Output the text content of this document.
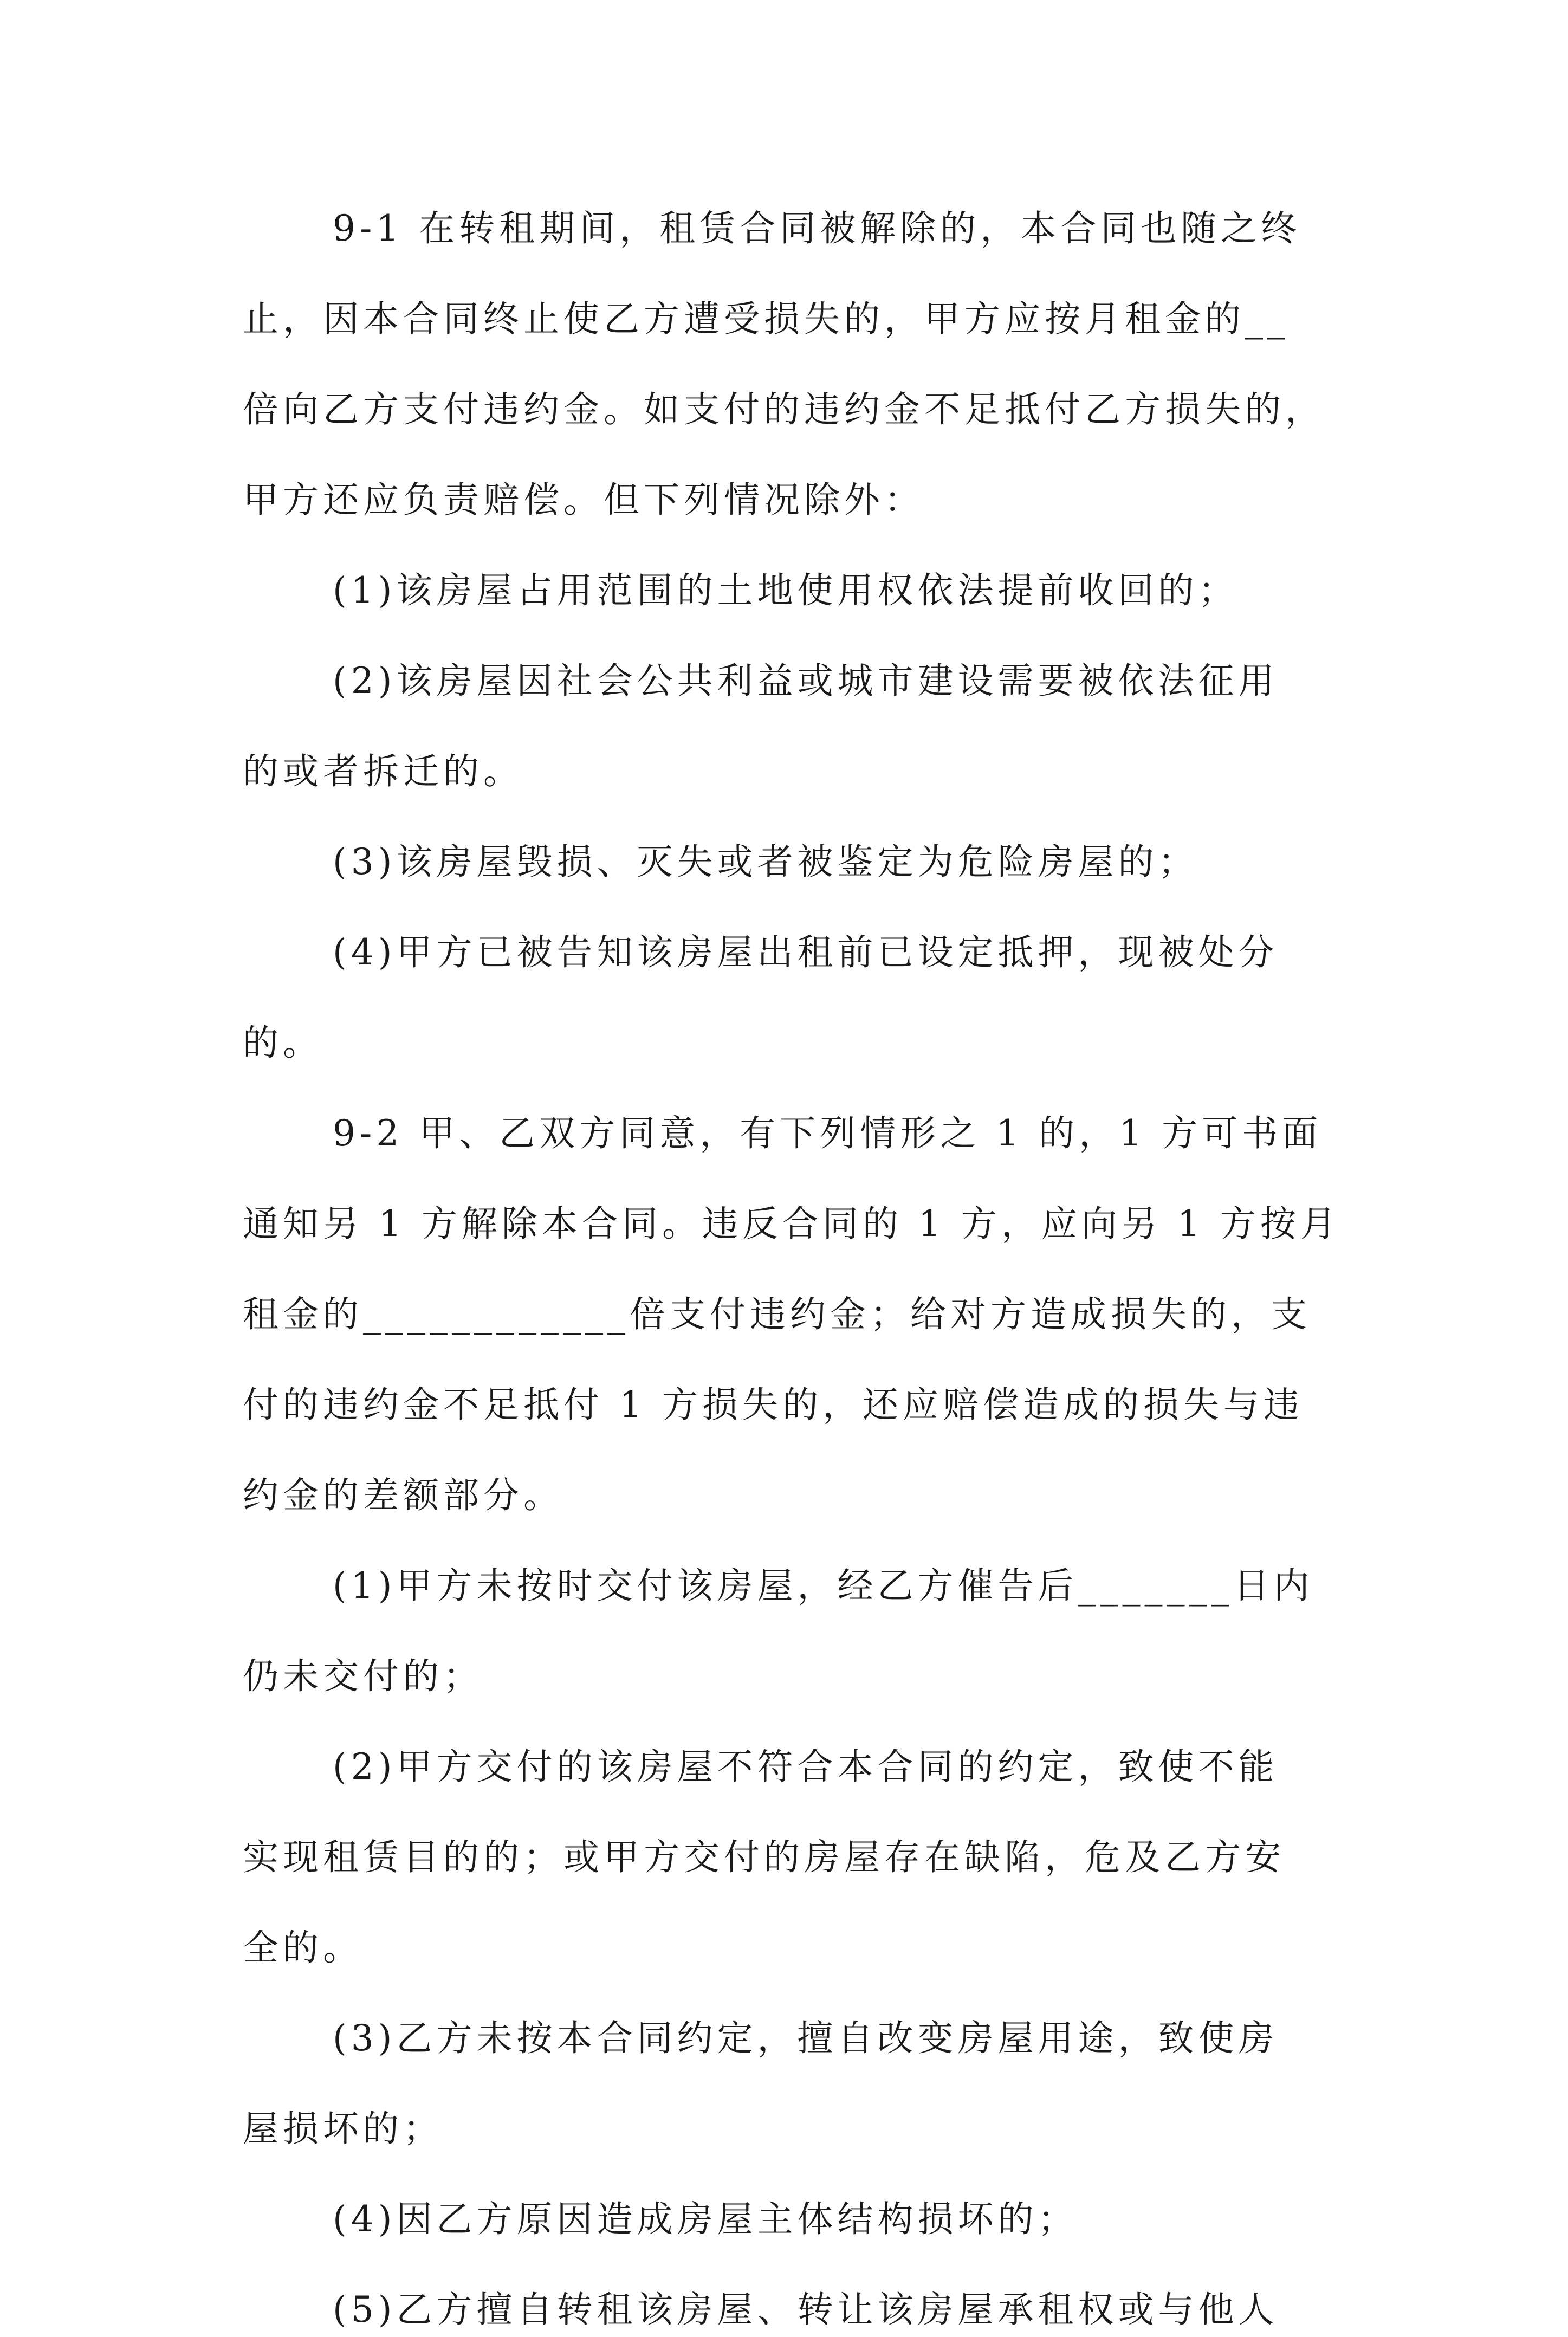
9-1 在转租期间，租赁合同被解除的，本合同也随之终
止，因本合同终止使乙方遭受损失的，甲方应按月租金的__
倍向乙方支付违约金。如支付的违约金不足抵付乙方损失的，
甲方还应负责赔偿。但下列情况除外：
(1)该房屋占用范围的土地使用权依法提前收回的；
(2)该房屋因社会公共利益或城市建设需要被依法征用
的或者拆迁的。
(3)该房屋毁损、灭失或者被鉴定为危险房屋的；
(4)甲方已被告知该房屋出租前已设定抵押，现被处分
的。
9-2 甲、乙双方同意，有下列情形之 1 的，1 方可书面
通知另 1 方解除本合同。违反合同的 1 方，应向另 1 方按月
租金的____________倍支付违约金；给对方造成损失的，支
付的违约金不足抵付 1 方损失的，还应赔偿造成的损失与违
约金的差额部分。
(1)甲方未按时交付该房屋，经乙方催告后_______日内
仍未交付的；
(2)甲方交付的该房屋不符合本合同的约定，致使不能
实现租赁目的的；或甲方交付的房屋存在缺陷，危及乙方安
全的。
(3)乙方未按本合同约定，擅自改变房屋用途，致使房
屋损坏的；
(4)因乙方原因造成房屋主体结构损坏的；
(5)乙方擅自转租该房屋、转让该房屋承租权或与他人
